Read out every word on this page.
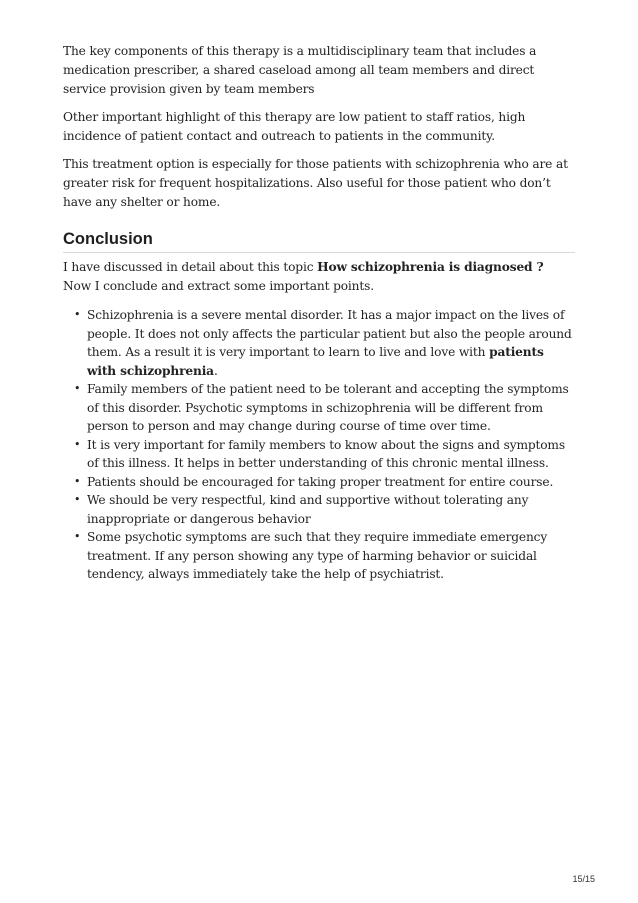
The key components of this therapy is a multidisciplinary team that includes a medication prescriber, a shared caseload among all team members and direct service provision given by team members

Other important highlight of this therapy are low patient to staff ratios, high incidence of patient contact and outreach to patients in the community.

This treatment option is especially for those patients with schizophrenia who are at greater risk for frequent hospitalizations. Also useful for those patient who don’t have any shelter or home.

Conclusion

I have discussed in detail about this topic How schizophrenia is diagnosed ? Now I conclude and extract some important points.

• Schizophrenia is a severe mental disorder. It has a major impact on the lives of people. It does not only affects the particular patient but also the people around them. As a result it is very important to learn to live and love with patients with schizophrenia.
• Family members of the patient need to be tolerant and accepting the symptoms of this disorder. Psychotic symptoms in schizophrenia will be different from person to person and may change during course of time over time.
• It is very important for family members to know about the signs and symptoms of this illness. It helps in better understanding of this chronic mental illness.
• Patients should be encouraged for taking proper treatment for entire course.
• We should be very respectful, kind and supportive without tolerating any inappropriate or dangerous behavior
• Some psychotic symptoms are such that they require immediate emergency treatment. If any person showing any type of harming behavior or suicidal tendency, always immediately take the help of psychiatrist.
15/15
